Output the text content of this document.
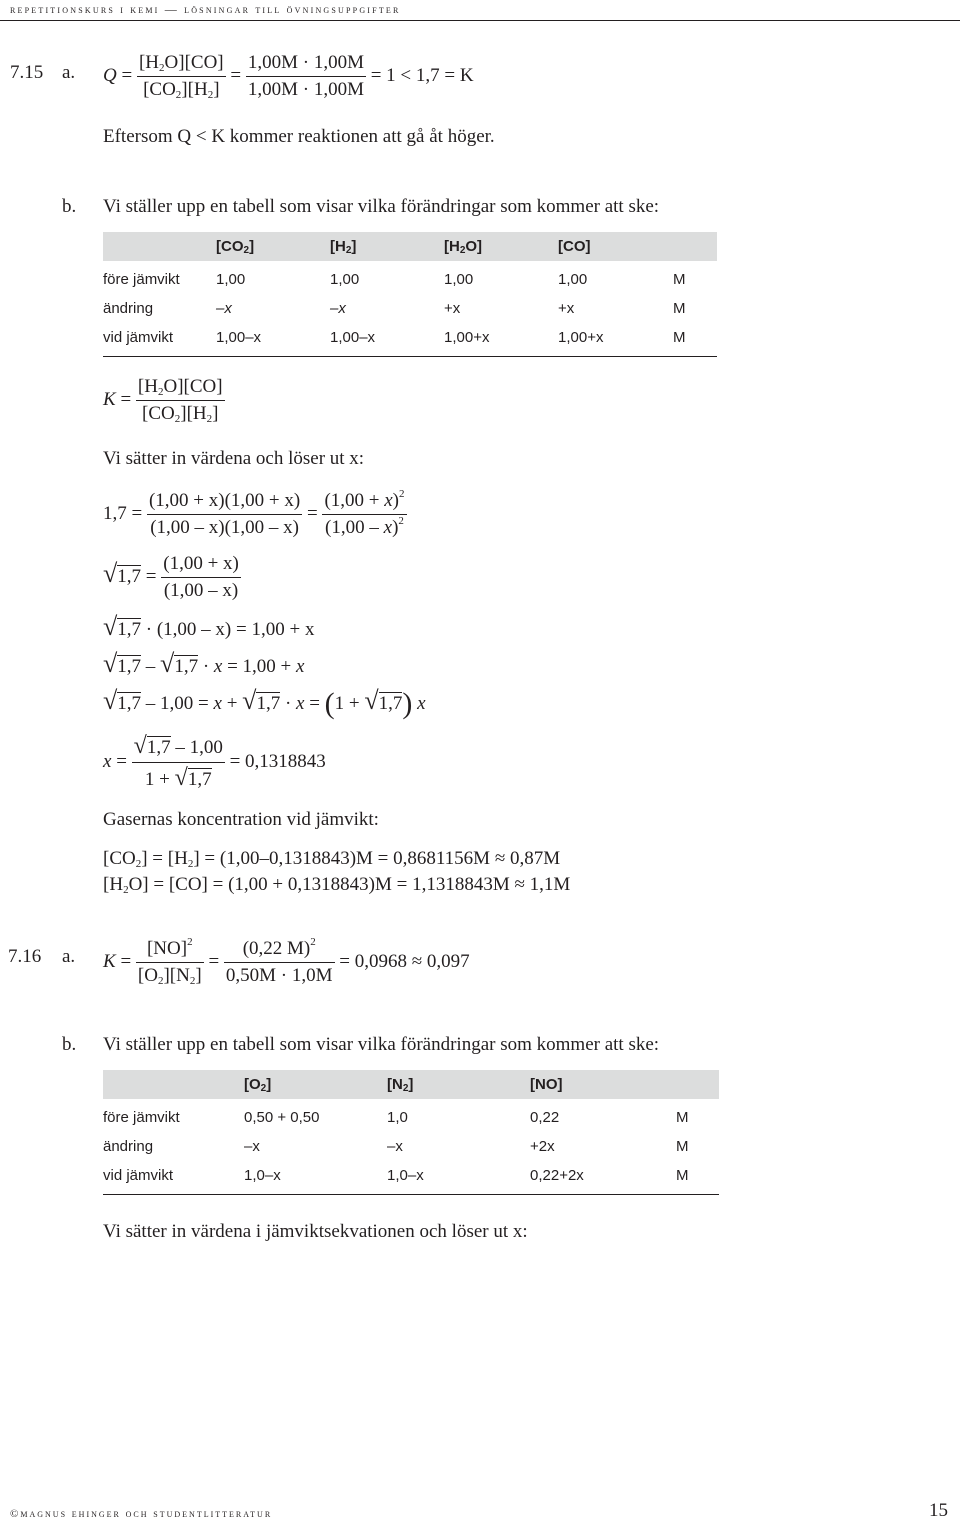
repetitionskurs i kemi — lösningar till övningsuppgifter
7.15 a. $Q = \frac{[H_2O][CO]}{[CO_2][H_2]} = \frac{1,00M \cdot 1,00M}{1,00M \cdot 1,00M} = 1 < 1,7 = K$
Eftersom Q < K kommer reaktionen att gå åt höger.
b. Vi ställer upp en tabell som visar vilka förändringar som kommer att ske:
	$[CO_2]$	$[H_2]$	$[H_2O]$	[CO]	
före jämvikt	1,00	1,00	1,00	1,00	M
ändring	–x	–x	+x	+x	M
vid jämvikt	1,00–x	1,00–x	1,00+x	1,00+x	M
$K = \frac{[H_2O][CO]}{[CO_2][H_2]}$
Vi sätter in värdena och löser ut x:
$1,7 = \frac{(1,00 + x)(1,00 + x)}{(1,00 - x)(1,00 - x)} = \frac{(1,00 + x)^2}{(1,00 - x)^2}$
$√1,7 = \frac{(1,00 + x)}{(1,00 - x)}$
√1,7 · (1,00 – x) = 1,00 + x
√1,7 – √1,7 · x = 1,00 + x
√1,7 – 1,00 = x + √1,7 · x = (1 + √1,7) x
$x = \frac{√1,7 - 1,00}{1 + √1,7} = 0,1318843$
Gasernas koncentration vid jämvikt:
$[CO_2] = [H_2] = (1,00-0,1318843)M = 0,8681156M \approx 0,87M$
$[H_2O] = [CO] = (1,00 + 0,1318843)M = 1,1318843M \approx 1,1M$
7.16 a. $K = \frac{[NO]^2}{[O_2][N_2]} = \frac{(0,22 M)^2}{0,50M \cdot 1,0M} = 0,0968 \approx 0,097$
b. Vi ställer upp en tabell som visar vilka förändringar som kommer att ske:
	$[O_2]$	$[N_2]$	[NO]	
före jämvikt	0,50 + 0,50	1,0	0,22	M
ändring	–x	–x	+2x	M
vid jämvikt	1,0–x	1,0–x	0,22+2x	M
Vi sätter in värdena i jämviktsekvationen och löser ut x:
©magnus ehinger och studentlitteratur	15
